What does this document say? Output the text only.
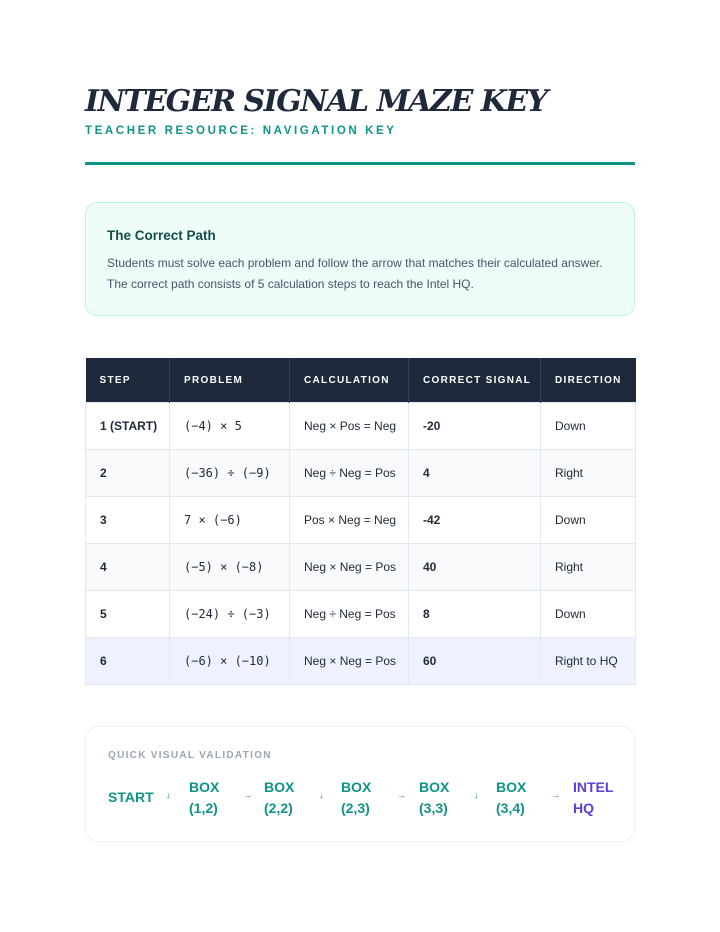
INTEGER SIGNAL MAZE KEY
TEACHER RESOURCE: NAVIGATION KEY
The Correct Path

Students must solve each problem and follow the arrow that matches their calculated answer. The correct path consists of 5 calculation steps to reach the Intel HQ.

STEP	PROBLEM	CALCULATION	CORRECT SIGNAL	DIRECTION
1 (START)	(−4) × 5	Neg × Pos = Neg	-20	Down
2	(−36) ÷ (−9)	Neg ÷ Neg = Pos	4	Right
3	7 × (−6)	Pos × Neg = Neg	-42	Down
4	(−5) × (−8)	Neg × Neg = Pos	40	Right
5	(−24) ÷ (−3)	Neg ÷ Neg = Pos	8	Down
6	(−6) × (−10)	Neg × Neg = Pos	60	Right to HQ
QUICK VISUAL VALIDATION
START ↓ BOX
(1,2)
→ BOX
(2,2)
↓ BOX
(2,3)
→ BOX
(3,3)
↓ BOX
(3,4)
→ INTEL
HQ
